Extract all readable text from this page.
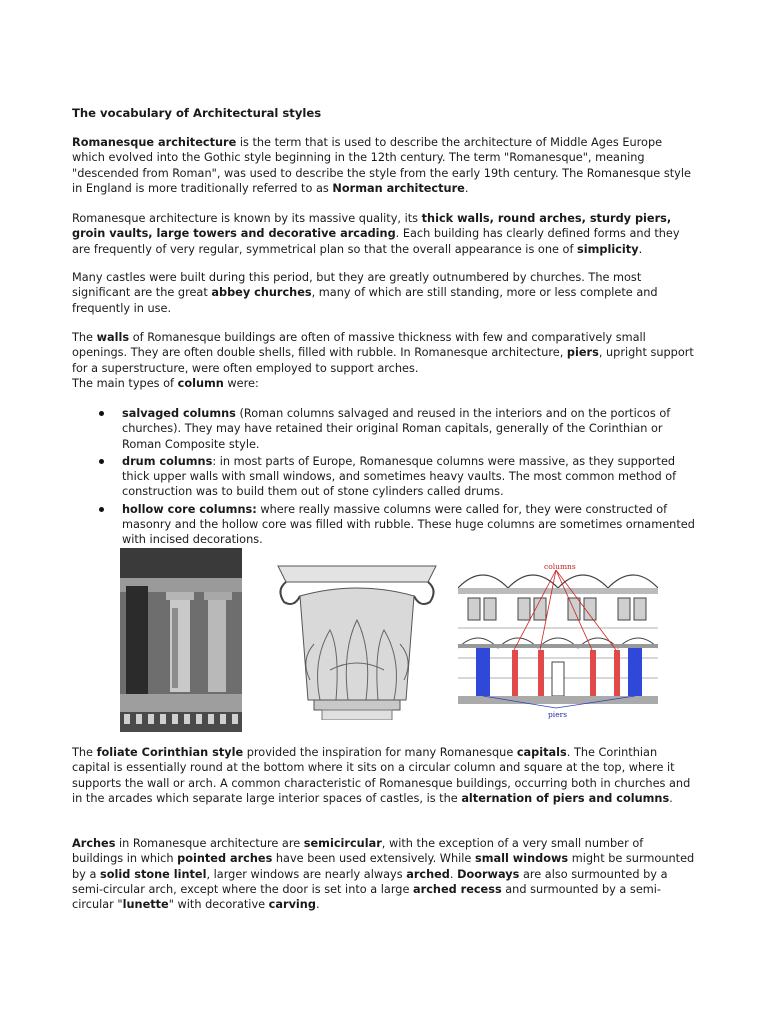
The vocabulary of Architectural styles

Romanesque architecture is the term that is used to describe the architecture of Middle Ages Europe which evolved into the Gothic style beginning in the 12th century. The term "Romanesque", meaning "descended from Roman", was used to describe the style from the early 19th century. The Romanesque style in England is more traditionally referred to as Norman architecture.

Romanesque architecture is known by its massive quality, its thick walls, round arches, sturdy piers, groin vaults, large towers and decorative arcading. Each building has clearly defined forms and they are frequently of very regular, symmetrical plan so that the overall appearance is one of simplicity.

Many castles were built during this period, but they are greatly outnumbered by churches. The most significant are the great abbey churches, many of which are still standing, more or less complete and frequently in use.

The walls of Romanesque buildings are often of massive thickness with few and comparatively small openings. They are often double shells, filled with rubble. In Romanesque architecture, piers, upright support for a superstructure, were often employed to support arches.
The main types of column were:

salvaged columns (Roman columns salvaged and reused in the interiors and on the porticos of churches). They may have retained their original Roman capitals, generally of the Corinthian or Roman Composite style.
drum columns: in most parts of Europe, Romanesque columns were massive, as they supported thick upper walls with small windows, and sometimes heavy vaults. The most common method of construction was to build them out of stone cylinders called drums.
hollow core columns: where really massive columns were called for, they were constructed of masonry and the hollow core was filled with rubble. These huge columns are sometimes ornamented with incised decorations.
columns
piers

The foliate Corinthian style provided the inspiration for many Romanesque capitals. The Corinthian capital is essentially round at the bottom where it sits on a circular column and square at the top, where it supports the wall or arch. A common characteristic of Romanesque buildings, occurring both in churches and in the arcades which separate large interior spaces of castles, is the alternation of piers and columns.

Arches in Romanesque architecture are semicircular, with the exception of a very small number of buildings in which pointed arches have been used extensively. While small windows might be surmounted by a solid stone lintel, larger windows are nearly always arched. Doorways are also surmounted by a semi-circular arch, except where the door is set into a large arched recess and surmounted by a semi-circular "lunette" with decorative carving.
